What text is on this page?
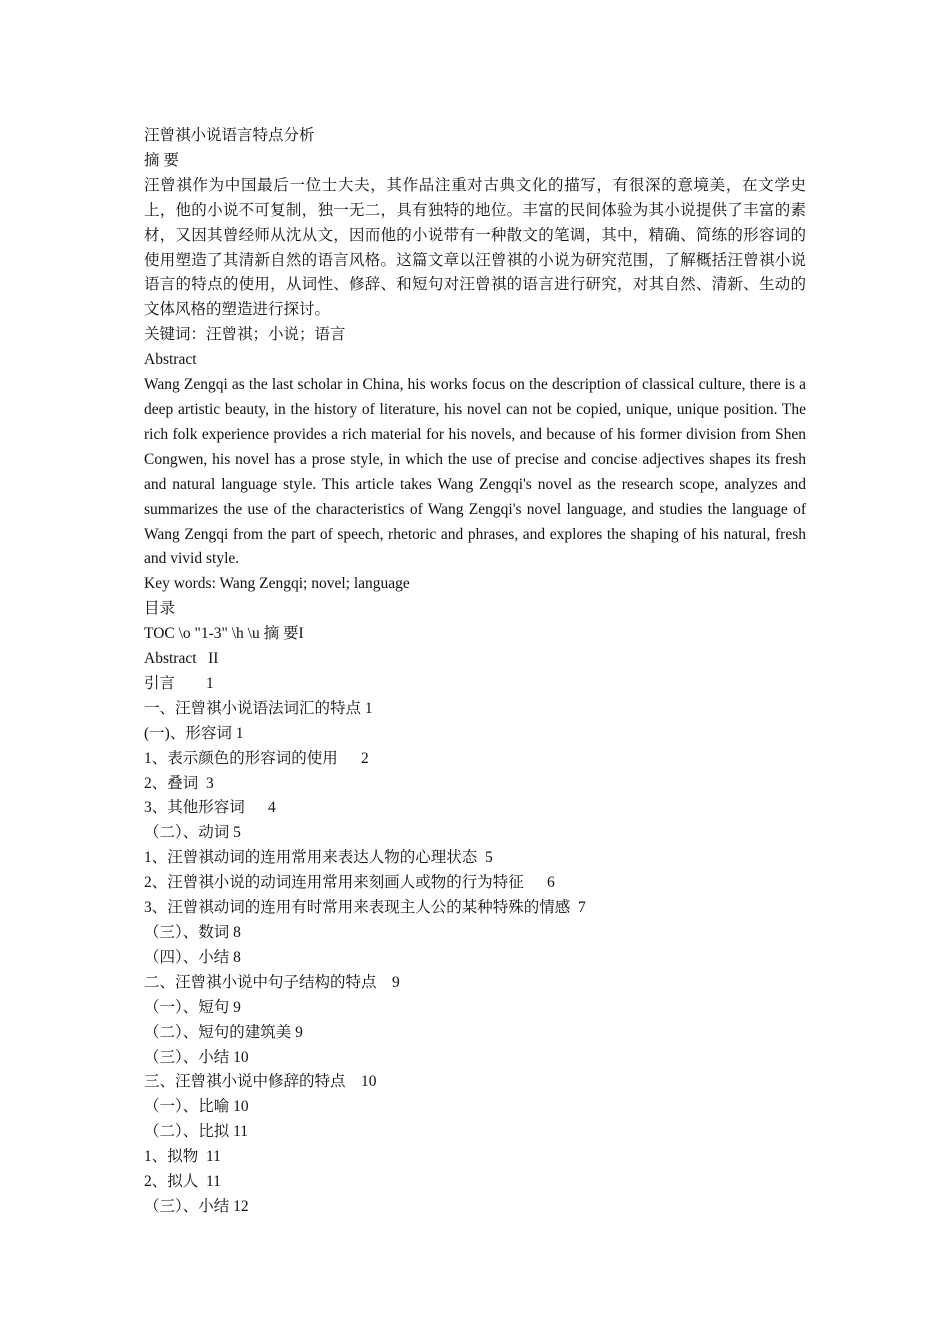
汪曾祺小说语言特点分析
摘 要
汪曾祺作为中国最后一位士大夫，其作品注重对古典文化的描写，有很深的意境美，在文学史上，他的小说不可复制，独一无二，具有独特的地位。丰富的民间体验为其小说提供了丰富的素材，又因其曾经师从沈从文，因而他的小说带有一种散文的笔调，其中，精确、简练的形容词的使用塑造了其清新自然的语言风格。这篇文章以汪曾祺的小说为研究范围，了解概括汪曾祺小说语言的特点的使用，从词性、修辞、和短句对汪曾祺的语言进行研究，对其自然、清新、生动的文体风格的塑造进行探讨。
关键词：汪曾祺；小说；语言
Abstract
Wang Zengqi as the last scholar in China, his works focus on the description of classical culture, there is a deep artistic beauty, in the history of literature, his novel can not be copied, unique, unique position. The rich folk experience provides a rich material for his novels, and because of his former division from Shen Congwen, his novel has a prose style, in which the use of precise and concise adjectives shapes its fresh and natural language style. This article takes Wang Zengqi's novel as the research scope, analyzes and summarizes the use of the characteristics of Wang Zengqi's novel language, and studies the language of Wang Zengqi from the part of speech, rhetoric and phrases, and explores the shaping of his natural, fresh and vivid style.
Key words: Wang Zengqi; novel; language
目录
TOC \o "1-3" \h \u 摘 要I
Abstract   II
引言        1
一、汪曾祺小说语法词汇的特点 1
(一)、形容词 1
1、表示颜色的形容词的使用      2
2、叠词  3
3、其他形容词      4
（二）、动词 5
1、汪曾祺动词的连用常用来表达人物的心理状态  5
2、汪曾祺小说的动词连用常用来刻画人或物的行为特征      6
3、汪曾祺动词的连用有时常用来表现主人公的某种特殊的情感  7
（三）、数词 8
（四）、小结 8
二、汪曾祺小说中句子结构的特点    9
（一）、短句 9
（二）、短句的建筑美 9
（三）、小结 10
三、汪曾祺小说中修辞的特点    10
（一）、比喻 10
（二）、比拟 11
1、拟物  11
2、拟人  11
（三）、小结 12
